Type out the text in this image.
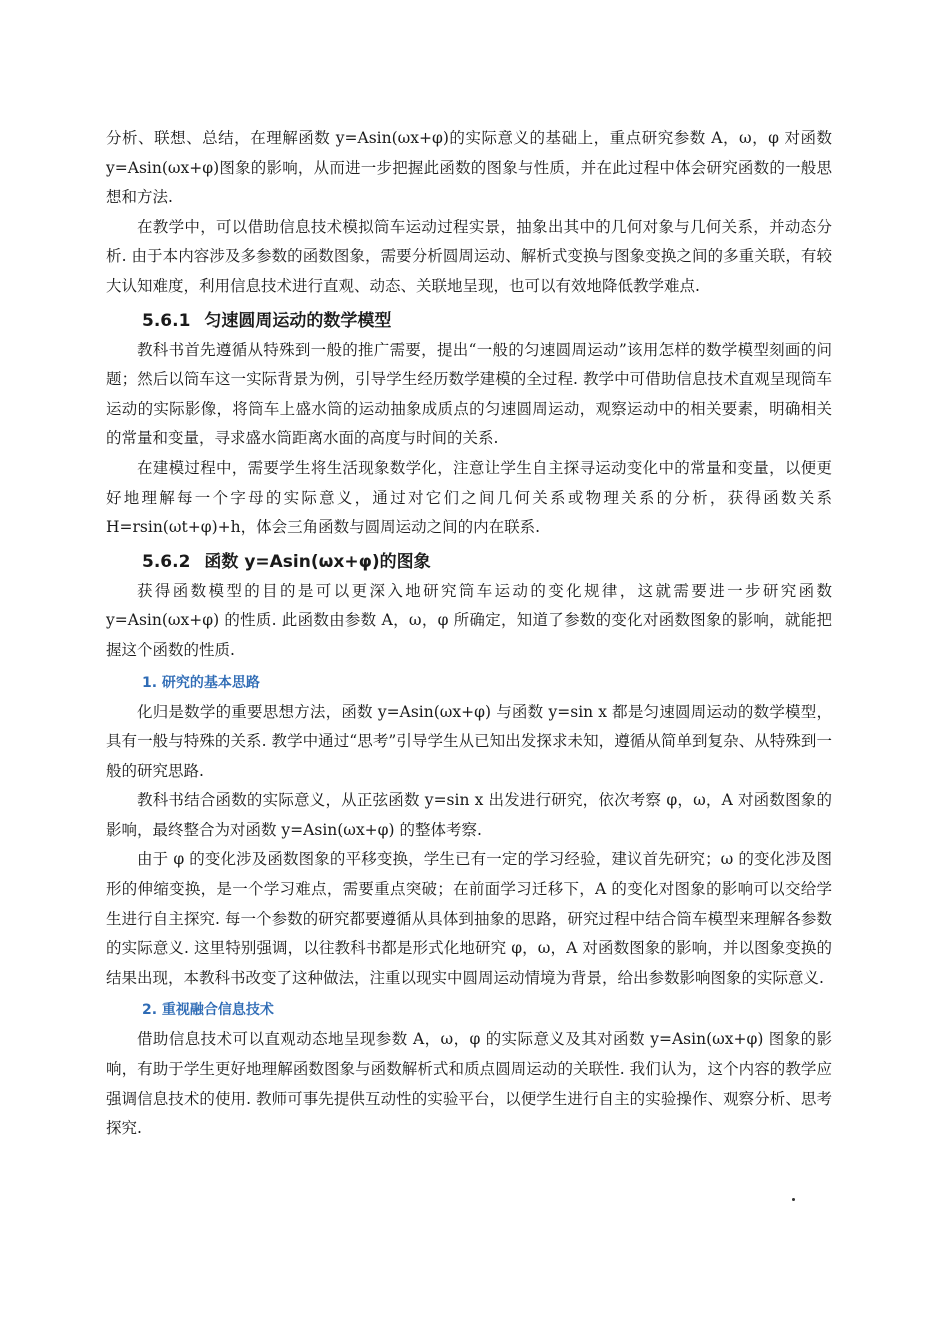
分析、联想、总结，在理解函数 y=Asin(ωx+φ)的实际意义的基础上，重点研究参数 A，ω，φ 对函数 y=Asin(ωx+φ)图象的影响，从而进一步把握此函数的图象与性质，并在此过程中体会研究函数的一般思想和方法.

在教学中，可以借助信息技术模拟筒车运动过程实景，抽象出其中的几何对象与几何关系，并动态分析. 由于本内容涉及多参数的函数图象，需要分析圆周运动、解析式变换与图象变换之间的多重关联，有较大认知难度，利用信息技术进行直观、动态、关联地呈现，也可以有效地降低教学难点.

5.6.1 匀速圆周运动的数学模型

教科书首先遵循从特殊到一般的推广需要，提出“一般的匀速圆周运动”该用怎样的数学模型刻画的问题；然后以筒车这一实际背景为例，引导学生经历数学建模的全过程. 教学中可借助信息技术直观呈现筒车运动的实际影像，将筒车上盛水筒的运动抽象成质点的匀速圆周运动，观察运动中的相关要素，明确相关的常量和变量，寻求盛水筒距离水面的高度与时间的关系.

在建模过程中，需要学生将生活现象数学化，注意让学生自主探寻运动变化中的常量和变量，以便更好地理解每一个字母的实际意义，通过对它们之间几何关系或物理关系的分析，获得函数关系 H=rsin(ωt+φ)+h，体会三角函数与圆周运动之间的内在联系.

5.6.2 函数 y=Asin(ωx+φ)的图象

获得函数模型的目的是可以更深入地研究筒车运动的变化规律，这就需要进一步研究函数 y=Asin(ωx+φ) 的性质. 此函数由参数 A，ω，φ 所确定，知道了参数的变化对函数图象的影响，就能把握这个函数的性质.

1. 研究的基本思路

化归是数学的重要思想方法，函数 y=Asin(ωx+φ) 与函数 y=sin x 都是匀速圆周运动的数学模型，具有一般与特殊的关系. 教学中通过“思考”引导学生从已知出发探求未知，遵循从简单到复杂、从特殊到一般的研究思路.

教科书结合函数的实际意义，从正弦函数 y=sin x 出发进行研究，依次考察 φ，ω，A 对函数图象的影响，最终整合为对函数 y=Asin(ωx+φ) 的整体考察.

由于 φ 的变化涉及函数图象的平移变换，学生已有一定的学习经验，建议首先研究；ω 的变化涉及图形的伸缩变换，是一个学习难点，需要重点突破；在前面学习迁移下，A 的变化对图象的影响可以交给学生进行自主探究. 每一个参数的研究都要遵循从具体到抽象的思路，研究过程中结合筒车模型来理解各参数的实际意义. 这里特别强调，以往教科书都是形式化地研究 φ，ω，A 对函数图象的影响，并以图象变换的结果出现，本教科书改变了这种做法，注重以现实中圆周运动情境为背景，给出参数影响图象的实际意义.

2. 重视融合信息技术

借助信息技术可以直观动态地呈现参数 A，ω，φ 的实际意义及其对函数 y=Asin(ωx+φ) 图象的影响，有助于学生更好地理解函数图象与函数解析式和质点圆周运动的关联性. 我们认为，这个内容的教学应强调信息技术的使用. 教师可事先提供互动性的实验平台，以便学生进行自主的实验操作、观察分析、思考探究.
